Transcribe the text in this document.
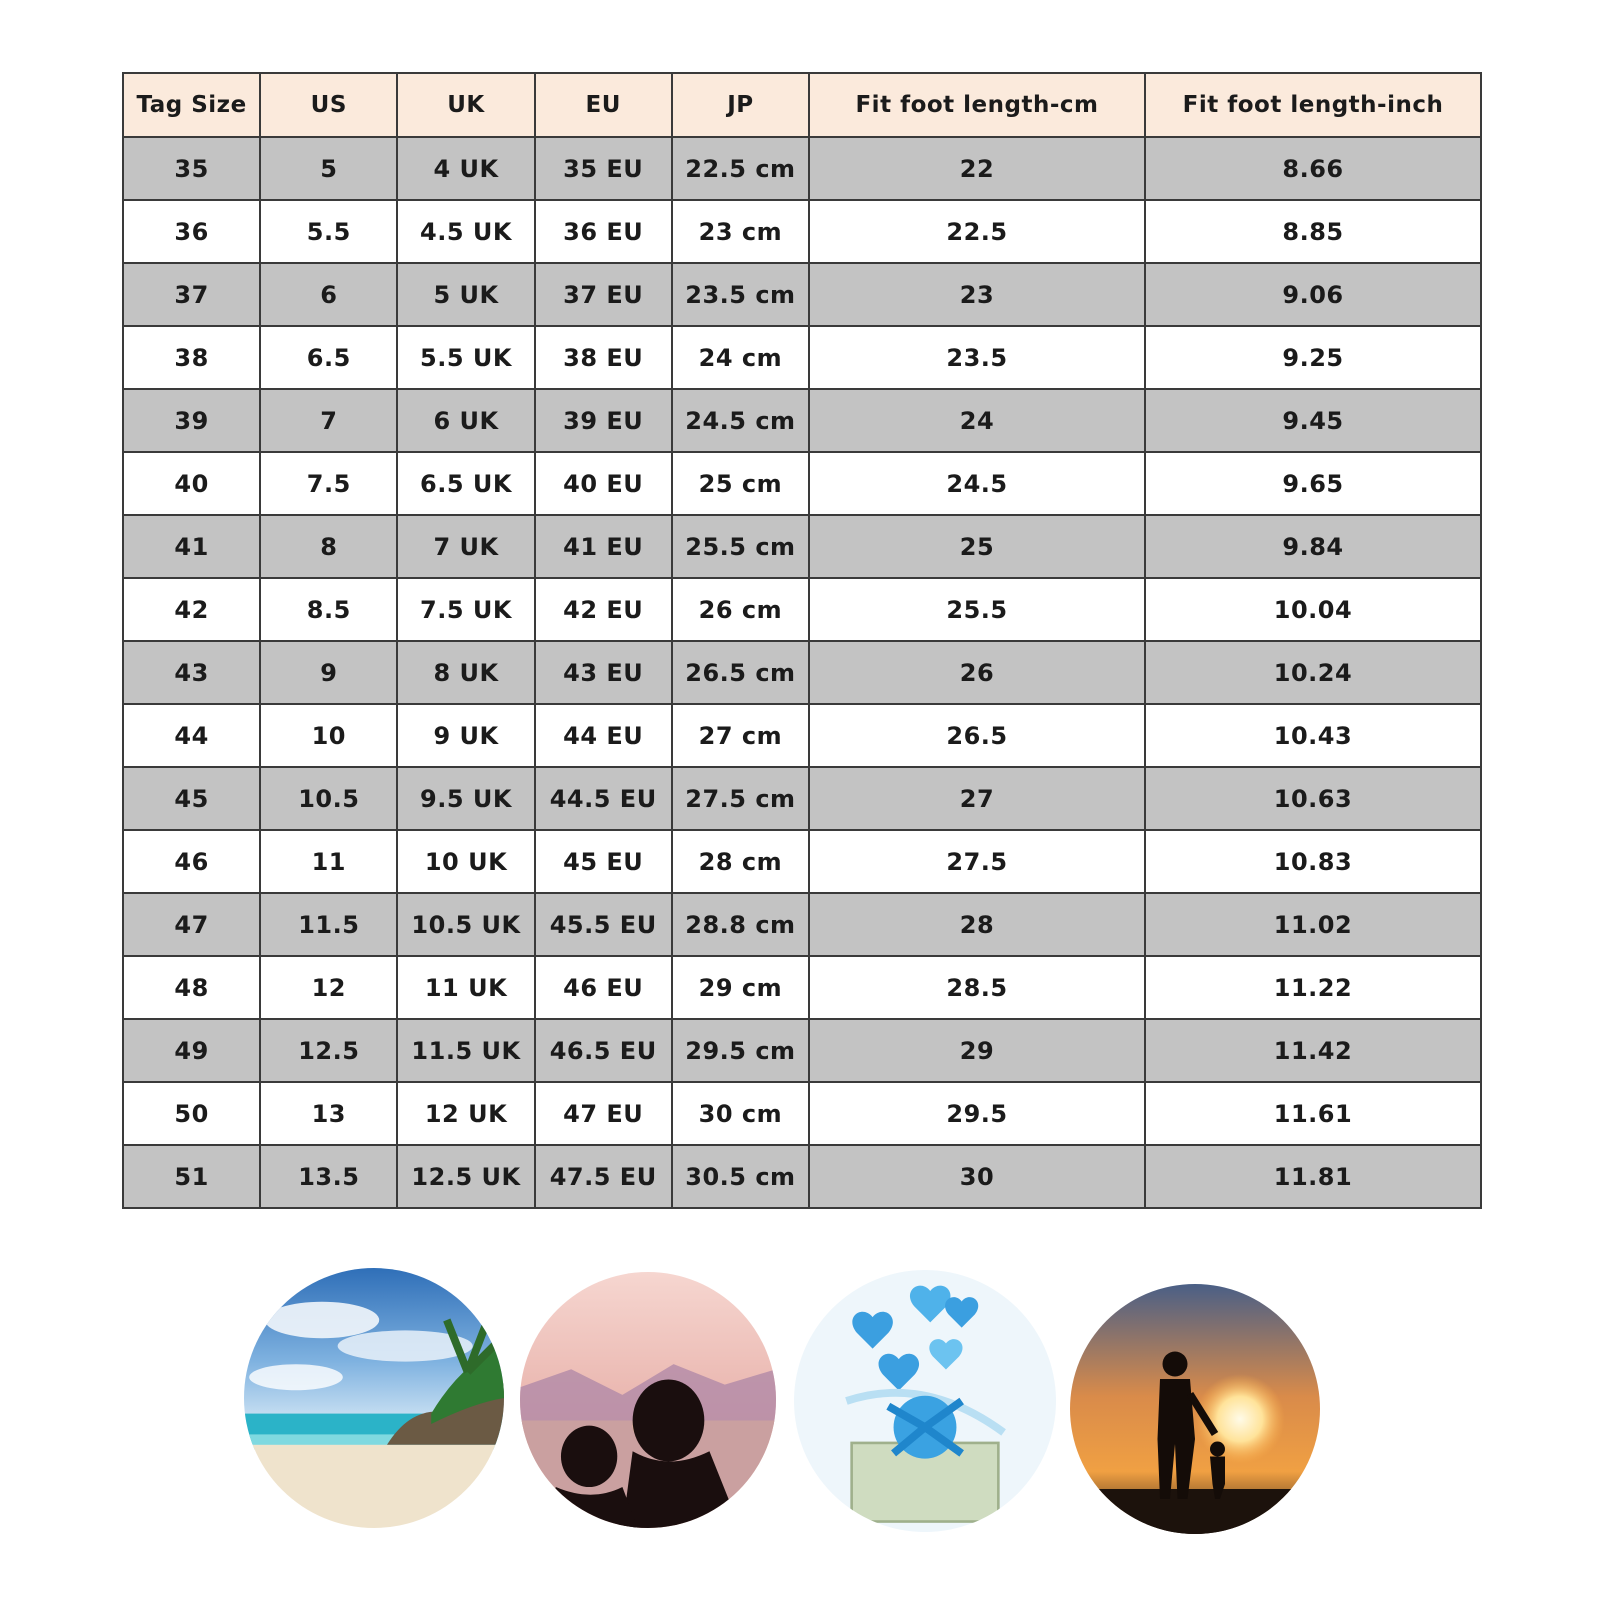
Tag Size	US	UK	EU	JP	Fit foot length-cm	Fit foot length-inch
35	5	4 UK	35 EU	22.5 cm	22	8.66
36	5.5	4.5 UK	36 EU	23 cm	22.5	8.85
37	6	5 UK	37 EU	23.5 cm	23	9.06
38	6.5	5.5 UK	38 EU	24 cm	23.5	9.25
39	7	6 UK	39 EU	24.5 cm	24	9.45
40	7.5	6.5 UK	40 EU	25 cm	24.5	9.65
41	8	7 UK	41 EU	25.5 cm	25	9.84
42	8.5	7.5 UK	42 EU	26 cm	25.5	10.04
43	9	8 UK	43 EU	26.5 cm	26	10.24
44	10	9 UK	44 EU	27 cm	26.5	10.43
45	10.5	9.5 UK	44.5 EU	27.5 cm	27	10.63
46	11	10 UK	45 EU	28 cm	27.5	10.83
47	11.5	10.5 UK	45.5 EU	28.8 cm	28	11.02
48	12	11 UK	46 EU	29 cm	28.5	11.22
49	12.5	11.5 UK	46.5 EU	29.5 cm	29	11.42
50	13	12 UK	47 EU	30 cm	29.5	11.61
51	13.5	12.5 UK	47.5 EU	30.5 cm	30	11.81
